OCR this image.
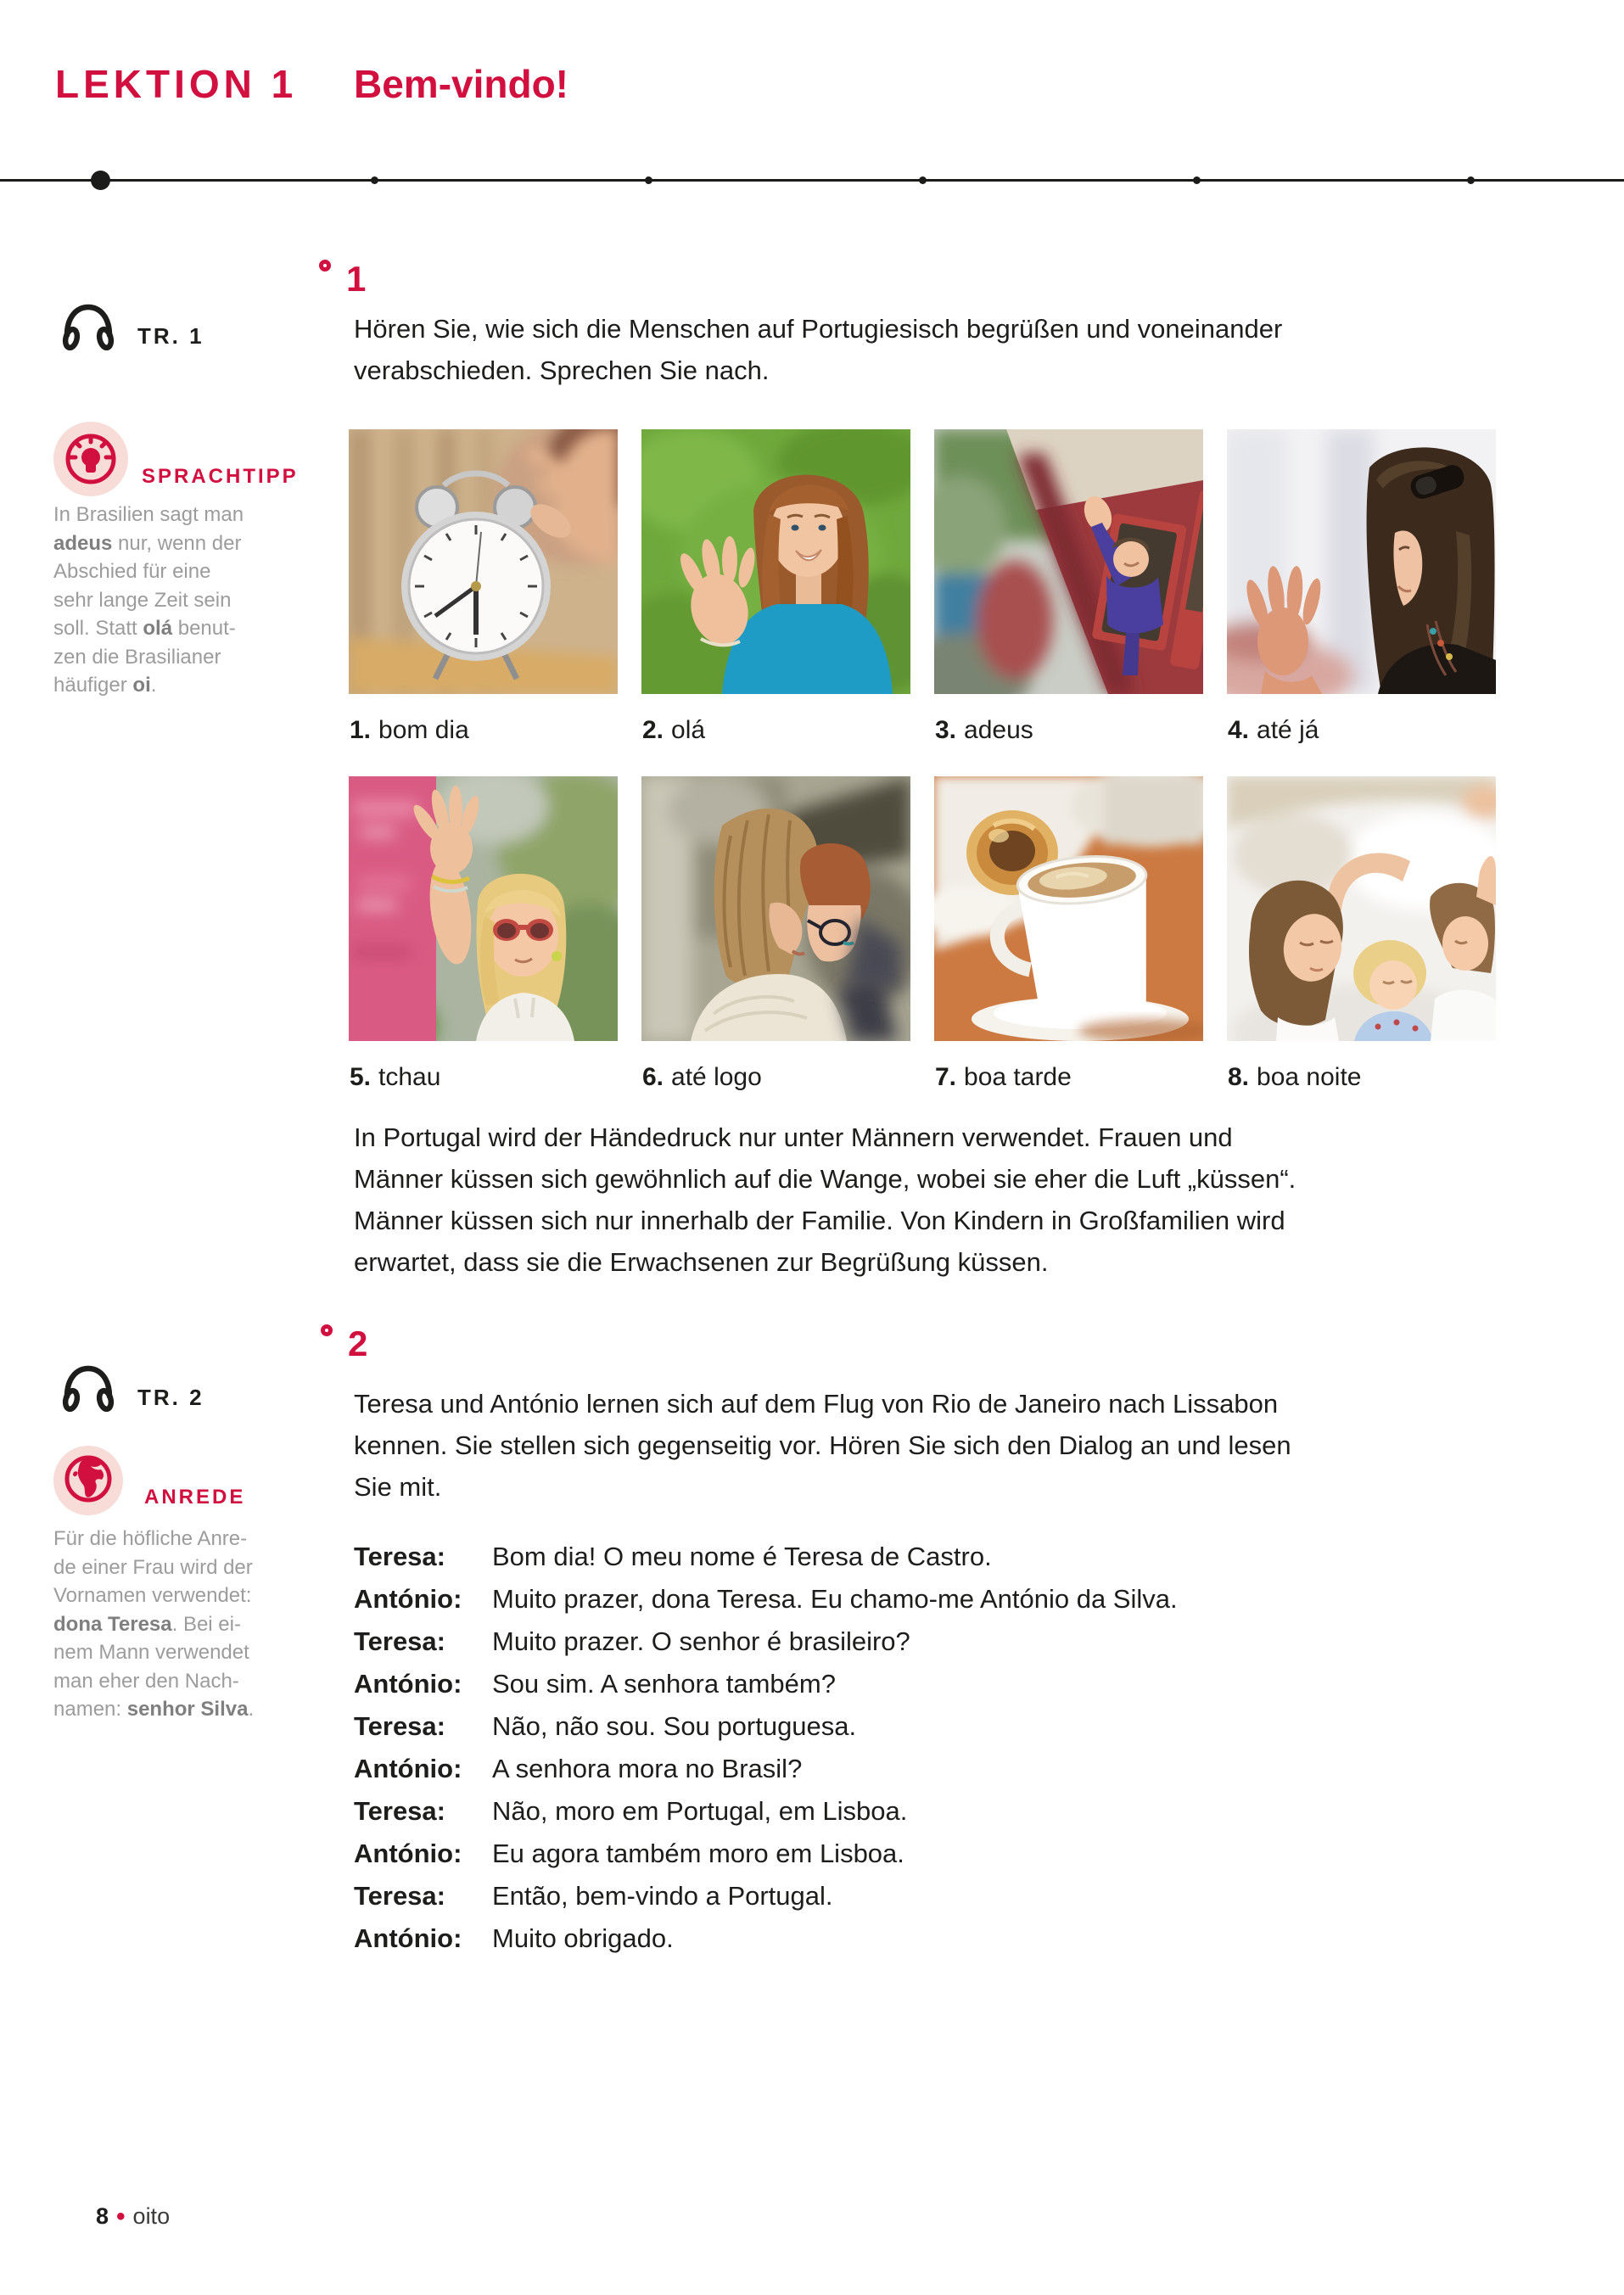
LEKTION 1 Bem-vindo!
TR. 1
SPRACHTIPP
In Brasilien sagt man
adeus nur, wenn der
Abschied für eine
sehr lange Zeit sein
soll. Statt olá benut-
zen die Brasilianer
häufiger oi.
1
Hören Sie, wie sich die Menschen auf Portugiesisch begrüßen und voneinander
verabschieden. Sprechen Sie nach.
1. bom dia	2. olá	3. adeus	4. até já
5. tchau	6. até logo	7. boa tarde	8. boa noite
In Portugal wird der Händedruck nur unter Männern verwendet. Frauen und
Männer küssen sich gewöhnlich auf die Wange, wobei sie eher die Luft „küssen“.
Männer küssen sich nur innerhalb der Familie. Von Kindern in Großfamilien wird
erwartet, dass sie die Erwachsenen zur Begrüßung küssen.
TR. 2
ANREDE
Für die höfliche Anre-
de einer Frau wird der
Vornamen verwendet:
dona Teresa. Bei ei-
nem Mann verwendet
man eher den Nach-
namen: senhor Silva.
2
Teresa und António lernen sich auf dem Flug von Rio de Janeiro nach Lissabon
kennen. Sie stellen sich gegenseitig vor. Hören Sie sich den Dialog an und lesen
Sie mit.
Teresa:	Bom dia! O meu nome é Teresa de Castro.
António:	Muito prazer, dona Teresa. Eu chamo-me António da Silva.
Teresa:	Muito prazer. O senhor é brasileiro?
António:	Sou sim. A senhora também?
Teresa:	Não, não sou. Sou portuguesa.
António:	A senhora mora no Brasil?
Teresa:	Não, moro em Portugal, em Lisboa.
António:	Eu agora também moro em Lisboa.
Teresa:	Então, bem-vindo a Portugal.
António:	Muito obrigado.
8 • oito
